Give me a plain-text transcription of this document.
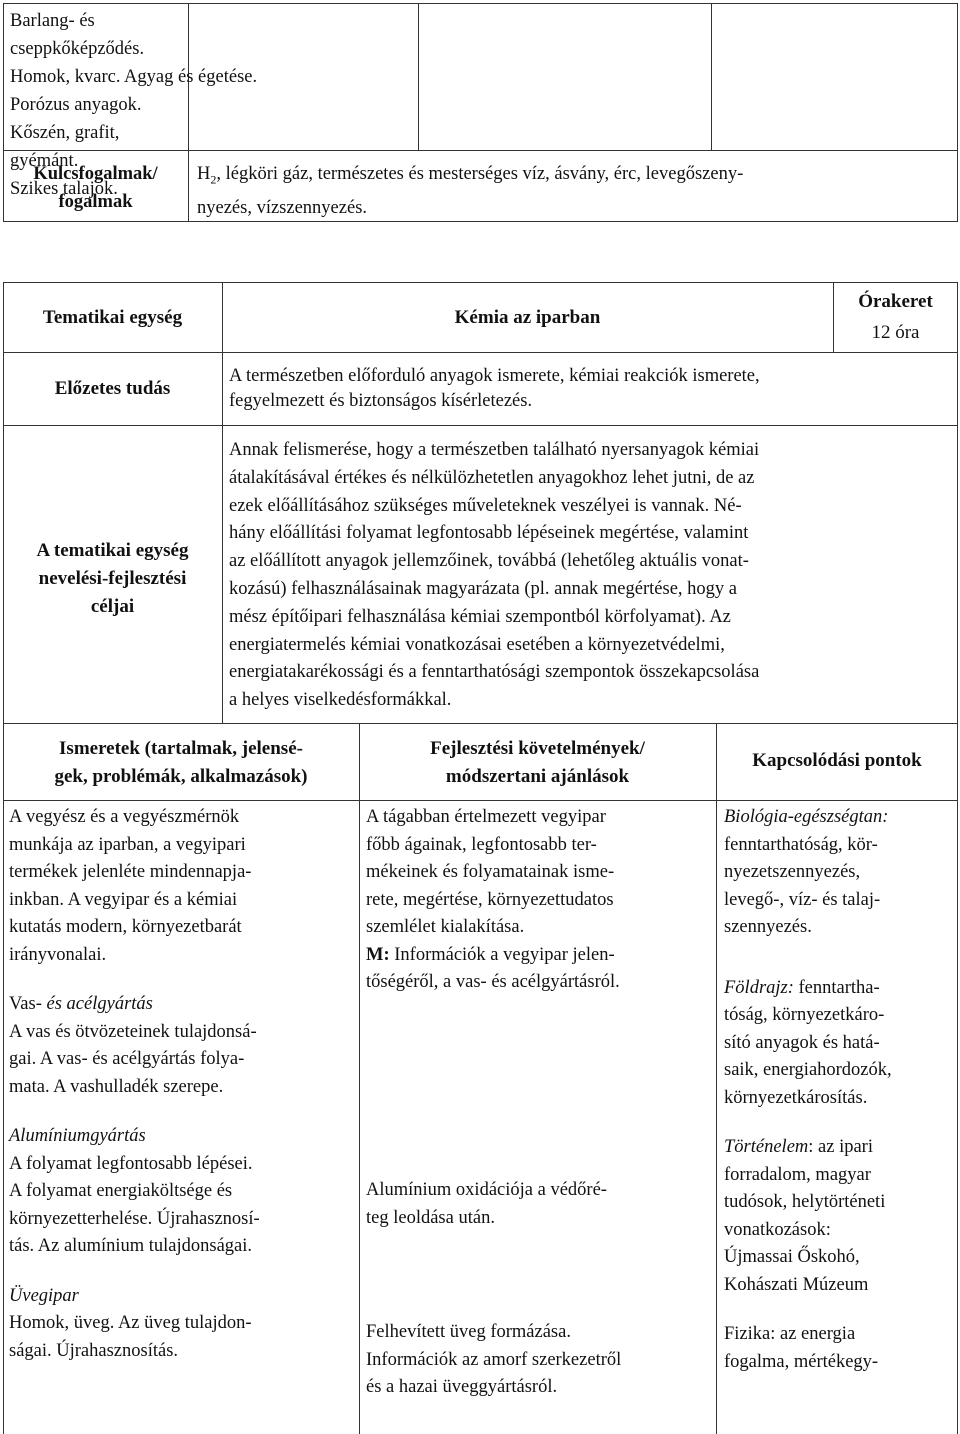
Barlang- és cseppkőképződés.
Homok, kvarc. Agyag és égetése.
Porózus anyagok.
Kőszén, grafit, gyémánt.
Szikes talajok.
Kulcsfogalmak/
fogalmak
$H_2$, légköri gáz, természetes és mesterséges víz, ásvány, érc, levegőszeny-
nyezés, vízszennyezés.
Tematikai egység	Kémia az iparban
Órakeret
12 óra
Előzetes tudás
A természetben előforduló anyagok ismerete, kémiai reakciók ismerete,
fegyelmezett és biztonságos kísérletezés.
A tematikai egység
nevelési-fejlesztési
céljai
Annak felismerése, hogy a természetben található nyersanyagok kémiai
átalakításával értékes és nélkülözhetetlen anyagokhoz lehet jutni, de az
ezek előállításához szükséges műveleteknek veszélyei is vannak. Né-
hány előállítási folyamat legfontosabb lépéseinek megértése, valamint
az előállított anyagok jellemzőinek, továbbá (lehetőleg aktuális vonat-
kozású) felhasználásainak magyarázata (pl. annak megértése, hogy a
mész építőipari felhasználása kémiai szempontból körfolyamat). Az
energiatermelés kémiai vonatkozásai esetében a környezetvédelmi,
energiatakarékossági és a fenntarthatósági szempontok összekapcsolása
a helyes viselkedésformákkal.
Ismeretek (tartalmak, jelensé-
gek, problémák, alkalmazások)
Fejlesztési követelmények/
módszertani ajánlások
Kapcsolódási pontok
A vegyész és a vegyészmérnök
munkája az iparban, a vegyipari
termékek jelenléte mindennapja-
inkban. A vegyipar és a kémiai
kutatás modern, környezetbarát
irányvonalai.
Vas- és acélgyártás
A vas és ötvözeteinek tulajdonsá-
gai. A vas- és acélgyártás folya-
mata. A vashulladék szerepe.
Alumíniumgyártás
A folyamat legfontosabb lépései.
A folyamat energiaköltsége és
környezetterhelése. Újrahasznosí-
tás. Az alumínium tulajdonságai.
Üvegipar
Homok, üveg. Az üveg tulajdon-
ságai. Újrahasznosítás.
A tágabban értelmezett vegyipar
főbb ágainak, legfontosabb ter-
mékeinek és folyamatainak isme-
rete, megértése, környezettudatos
szemlélet kialakítása.
M: Információk a vegyipar jelen-
tőségéről, a vas- és acélgyártásról.
Alumínium oxidációja a védőré-
teg leoldása után.
Felhevített üveg formázása.
Információk az amorf szerkezetről
és a hazai üveggyártásról.
Biológia-egészségtan:
fenntarthatóság, kör-
nyezetszennyezés,
levegő-, víz- és talaj-
szennyezés.
Földrajz: fenntartha-
tóság, környezetkáro-
sító anyagok és hatá-
saik, energiahordozók,
környezetkárosítás.
Történelem: az ipari
forradalom, magyar
tudósok, helytörténeti
vonatkozások:
Újmassai Őskohó,
Kohászati Múzeum
Fizika: az energia
fogalma, mértékegy-
